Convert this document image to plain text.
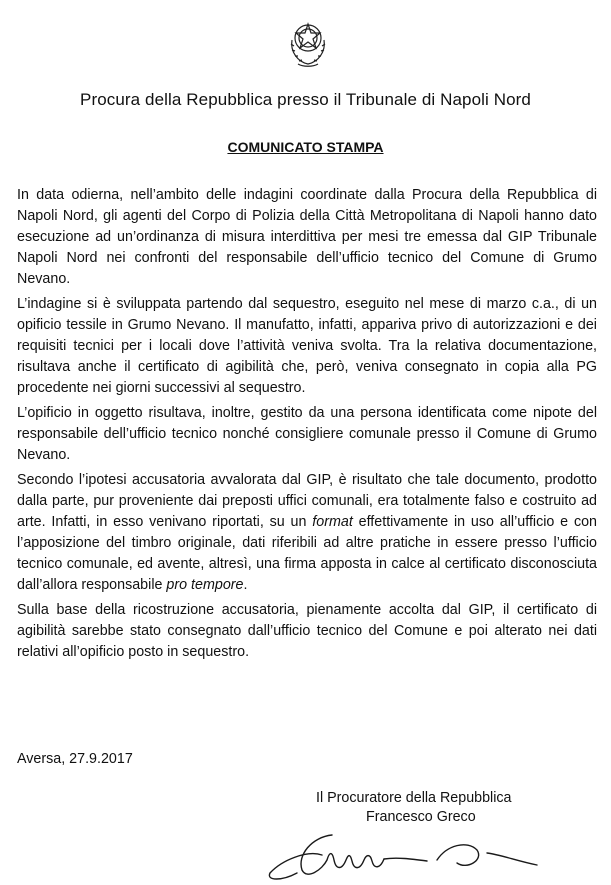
Procura della Repubblica presso il Tribunale di Napoli Nord
COMUNICATO STAMPA

In data odierna, nell’ambito delle indagini coordinate dalla Procura della Repubblica di Napoli Nord, gli agenti del Corpo di Polizia della Città Metropolitana di Napoli hanno dato esecuzione ad un’ordinanza di misura interdittiva per mesi tre emessa dal GIP Tribunale Napoli Nord nei confronti del responsabile dell’ufficio tecnico del Comune di Grumo Nevano.

L’indagine si è sviluppata partendo dal sequestro, eseguito nel mese di marzo c.a., di un opificio tessile in Grumo Nevano. Il manufatto, infatti, appariva privo di autorizzazioni e dei requisiti tecnici per i locali dove l’attività veniva svolta. Tra la relativa documentazione, risultava anche il certificato di agibilità che, però, veniva consegnato in copia alla PG procedente nei giorni successivi al sequestro.

L’opificio in oggetto risultava, inoltre, gestito da una persona identificata come nipote del responsabile dell’ufficio tecnico nonché consigliere comunale presso il Comune di Grumo Nevano.

Secondo l’ipotesi accusatoria avvalorata dal GIP, è risultato che tale documento, prodotto dalla parte, pur proveniente dai preposti uffici comunali, era totalmente falso e costruito ad arte. Infatti, in esso venivano riportati, su un format effettivamente in uso all’ufficio e con l’apposizione del timbro originale, dati riferibili ad altre pratiche in essere presso l’ufficio tecnico comunale, ed avente, altresì, una firma apposta in calce al certificato disconosciuta dall’allora responsabile pro tempore.

Sulla base della ricostruzione accusatoria, pienamente accolta dal GIP, il certificato di agibilità sarebbe stato consegnato dall’ufficio tecnico del Comune e poi alterato nei dati relativi all’opificio posto in sequestro.

Aversa, 27.9.2017
Il Procuratore della Repubblica
Francesco Greco
